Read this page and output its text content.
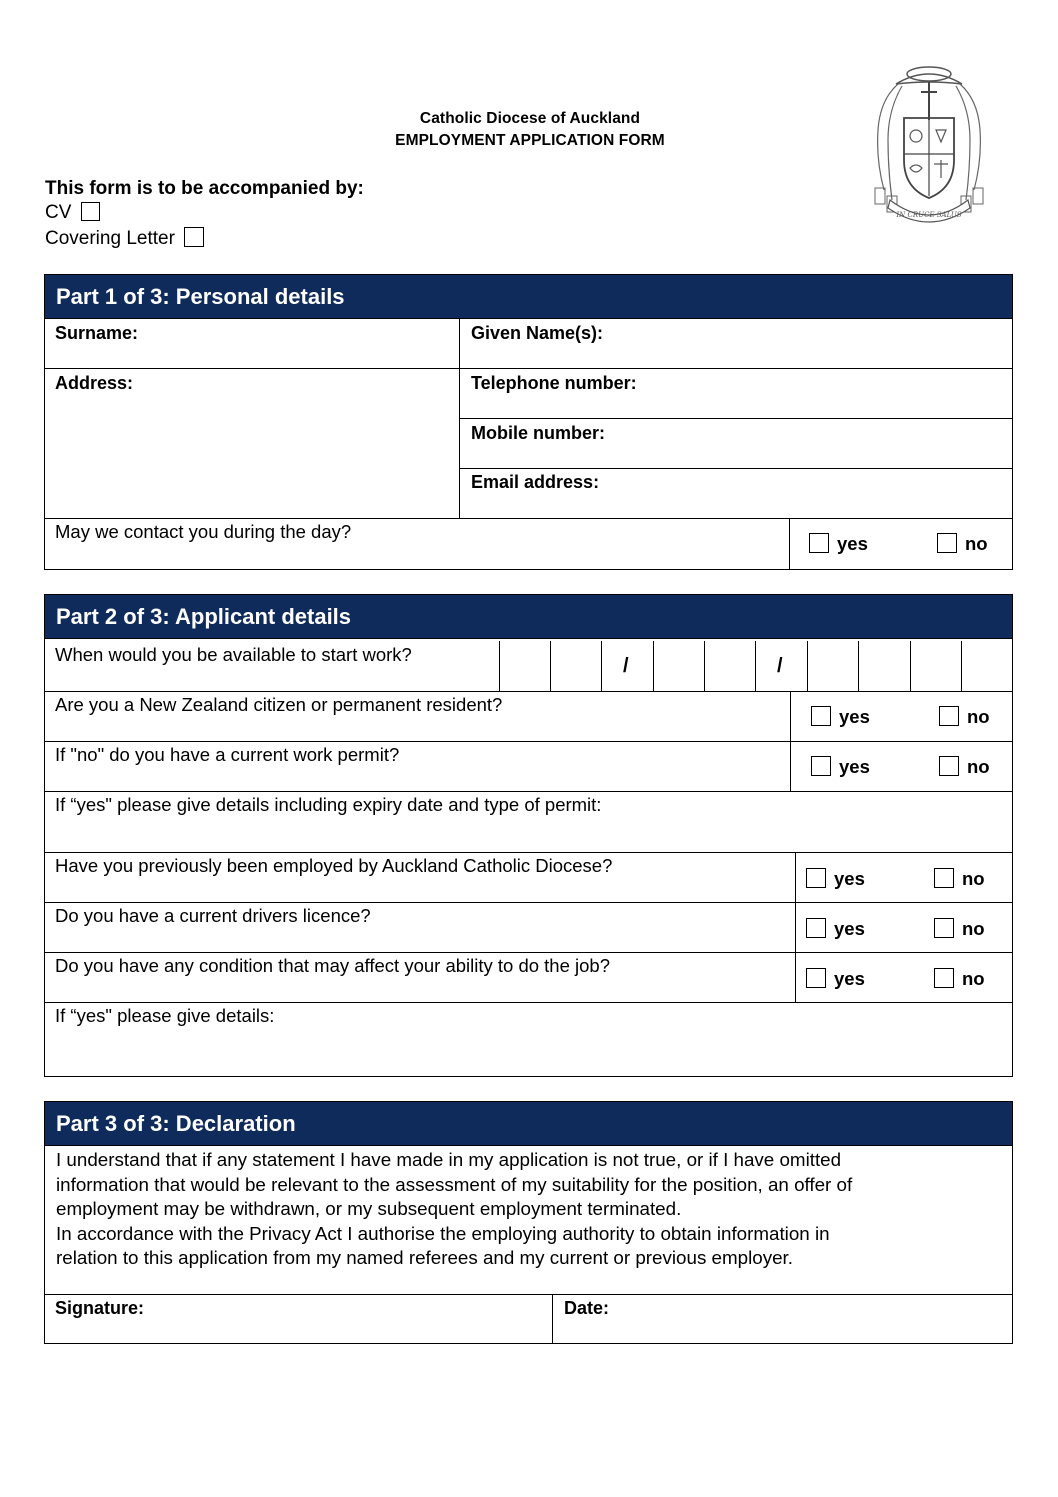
IN CRUCE SALUS
Catholic Diocese of Auckland
EMPLOYMENT APPLICATION FORM
This form is to be accompanied by:
CV
Covering Letter
Part 1 of 3: Personal details
Surname:	Given Name(s):
Address:	Telephone number:
Mobile number:
Email address:
May we contact you during the day?
yes	no
Part 2 of 3: Applicant details
When would you be available to start work?
/	/
Are you a New Zealand citizen or permanent resident?
yes	no
If "no" do you have a current work permit?
yes	no
If “yes" please give details including expiry date and type of permit:
Have you previously been employed by Auckland Catholic Diocese?
yes	no
Do you have a current drivers licence?
yes	no
Do you have any condition that may affect your ability to do the job?
yes	no
If “yes" please give details:
Part 3 of 3: Declaration
I understand that if any statement I have made in my application is not true, or if I have omitted
information that would be relevant to the assessment of my suitability for the position, an offer of
employment may be withdrawn, or my subsequent employment terminated.
In accordance with the Privacy Act I authorise the employing authority to obtain information in
relation to this application from my named referees and my current or previous employer.
Signature:	Date:
